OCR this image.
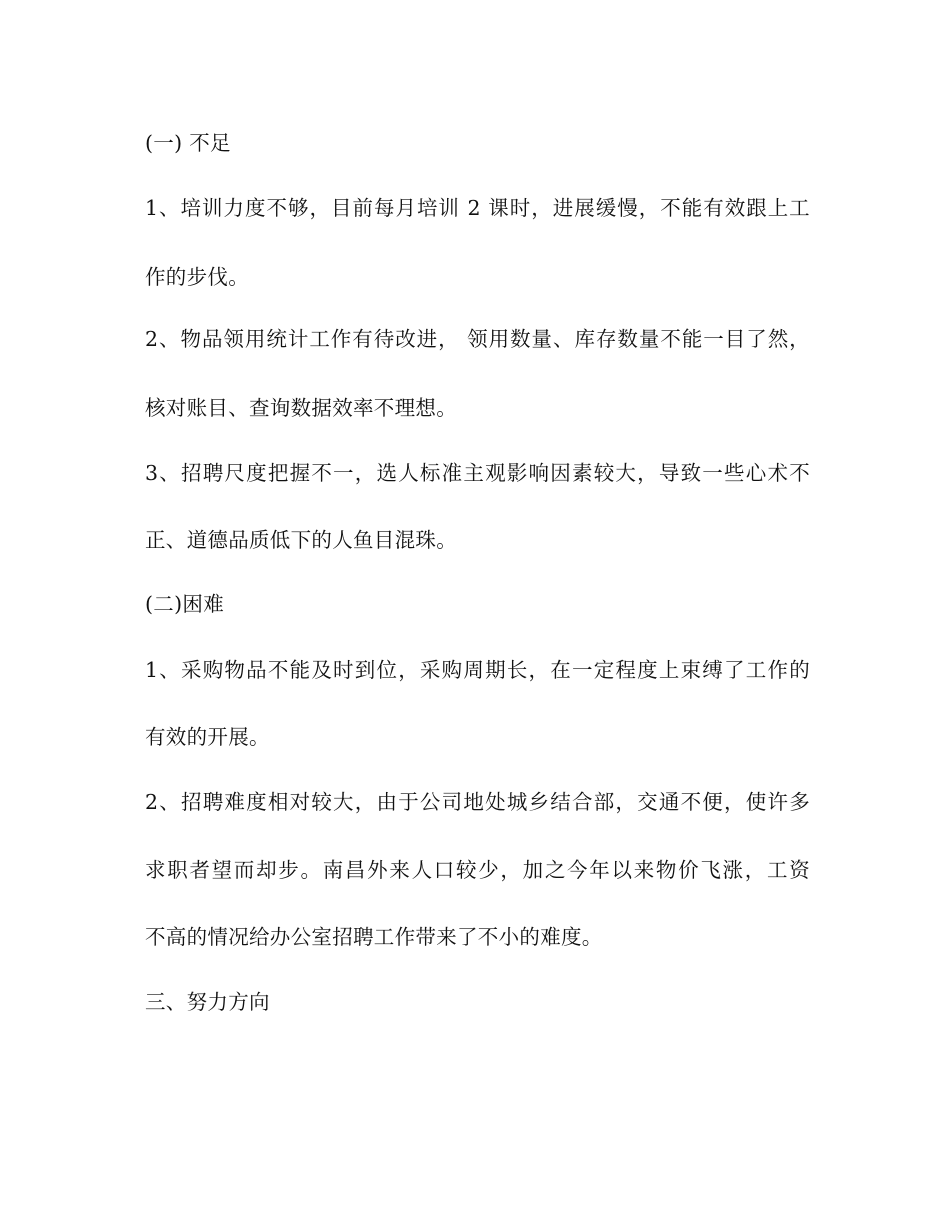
(一) 不足
1、培训力度不够，目前每月培训 2 课时，进展缓慢，不能有效跟上工
作的步伐。
2、物品领用统计工作有待改进， 领用数量、库存数量不能一目了然，
核对账目、查询数据效率不理想。
3、招聘尺度把握不一，选人标准主观影响因素较大，导致一些心术不
正、道德品质低下的人鱼目混珠。
(二)困难
1、采购物品不能及时到位，采购周期长，在一定程度上束缚了工作的
有效的开展。
2、招聘难度相对较大，由于公司地处城乡结合部，交通不便，使许多
求职者望而却步。南昌外来人口较少，加之今年以来物价飞涨，工资
不高的情况给办公室招聘工作带来了不小的难度。
三、努力方向
